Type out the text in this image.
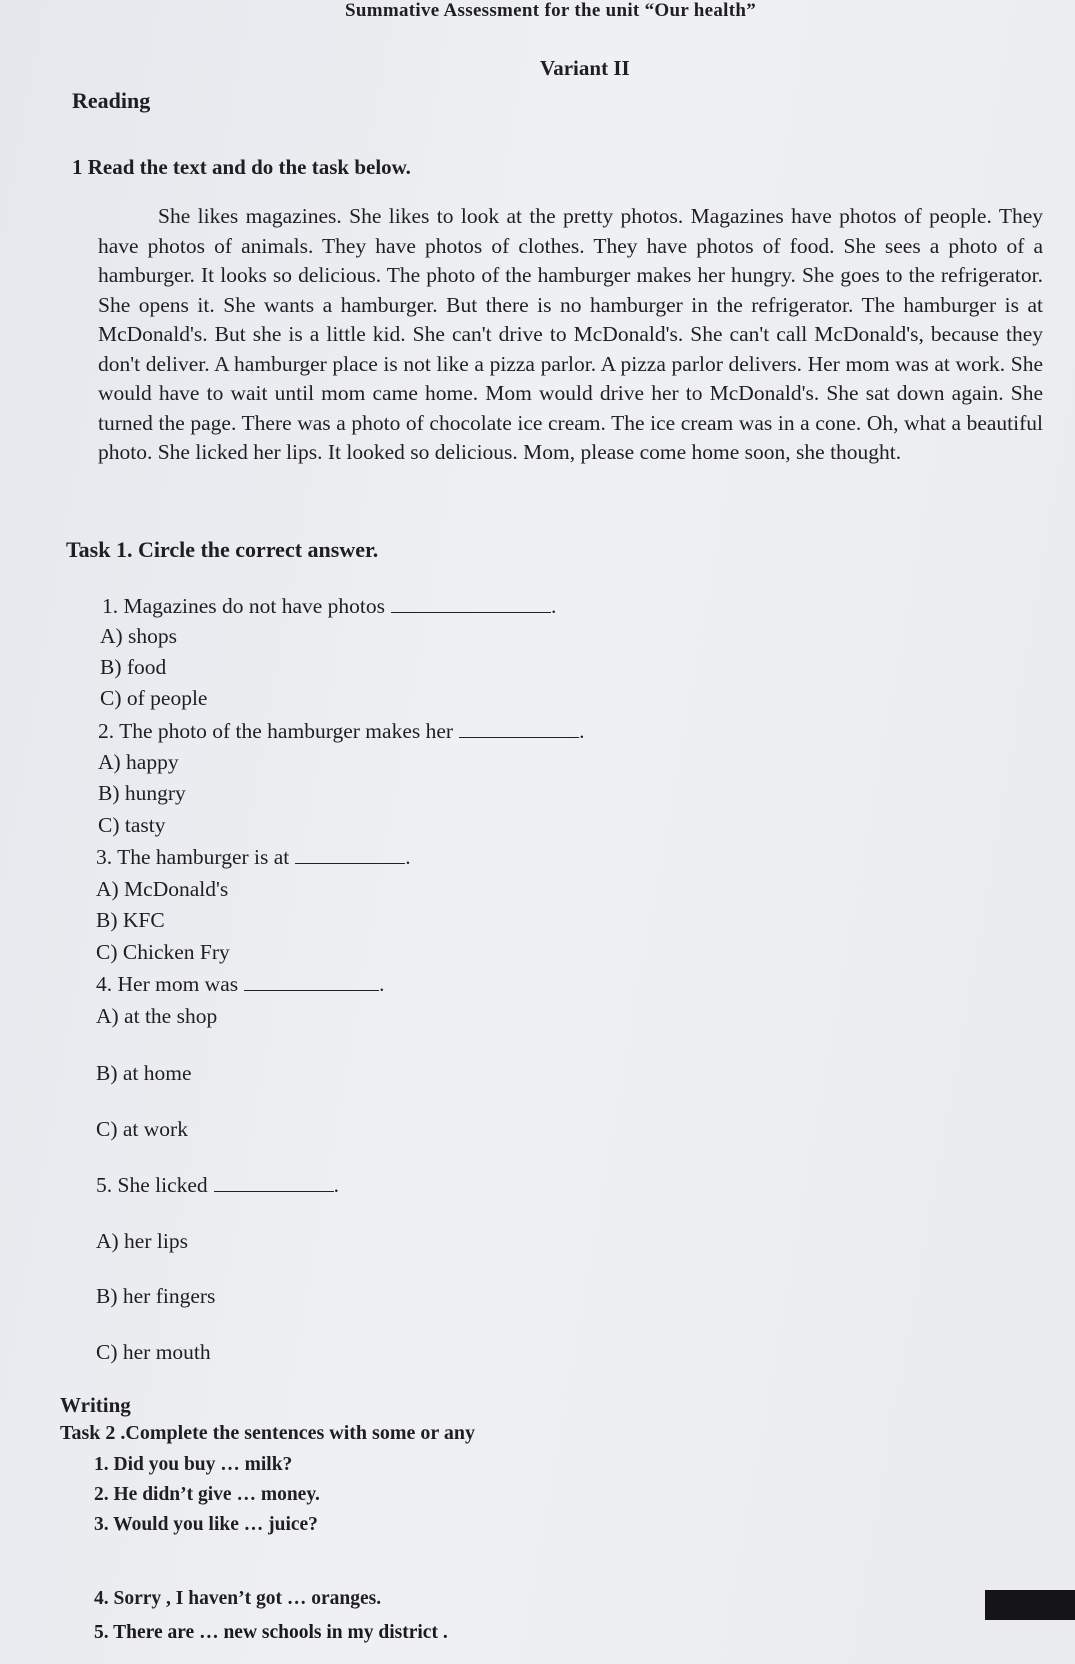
Summative Assessment for the unit “Our health”
Variant II
Reading
1 Read the text and do the task below.
She likes magazines. She likes to look at the pretty photos. Magazines have photos of people. They have photos of animals. They have photos of clothes. They have photos of food. She sees a photo of a hamburger. It looks so delicious. The photo of the hamburger makes her hungry. She goes to the refrigerator. She opens it. She wants a hamburger. But there is no hamburger in the refrigerator. The hamburger is at McDonald's. But she is a little kid. She can't drive to McDonald's. She can't call McDonald's, because they don't deliver. A hamburger place is not like a pizza parlor. A pizza parlor delivers. Her mom was at work. She would have to wait until mom came home. Mom would drive her to McDonald's. She sat down again. She turned the page. There was a photo of chocolate ice cream. The ice cream was in a cone. Oh, what a beautiful photo. She licked her lips. It looked so delicious. Mom, please come home soon, she thought.
Task 1. Circle the correct answer.
1. Magazines do not have photos	.
A) shops
B) food
C) of people
2. The photo of the hamburger makes her	.
A) happy
B) hungry
C) tasty
3. The hamburger is at	.
A) McDonald's
B) KFC
C) Chicken Fry
4. Her mom was	.
A) at the shop
B) at home
C) at work
5. She licked	.
A) her lips
B) her fingers
C) her mouth
Writing
Task 2 .Complete the sentences with some or any
1. Did you buy … milk?
2. He didn’t give … money.
3. Would you like … juice?
4. Sorry , I haven’t got … oranges.
5. There are … new schools in my district .
